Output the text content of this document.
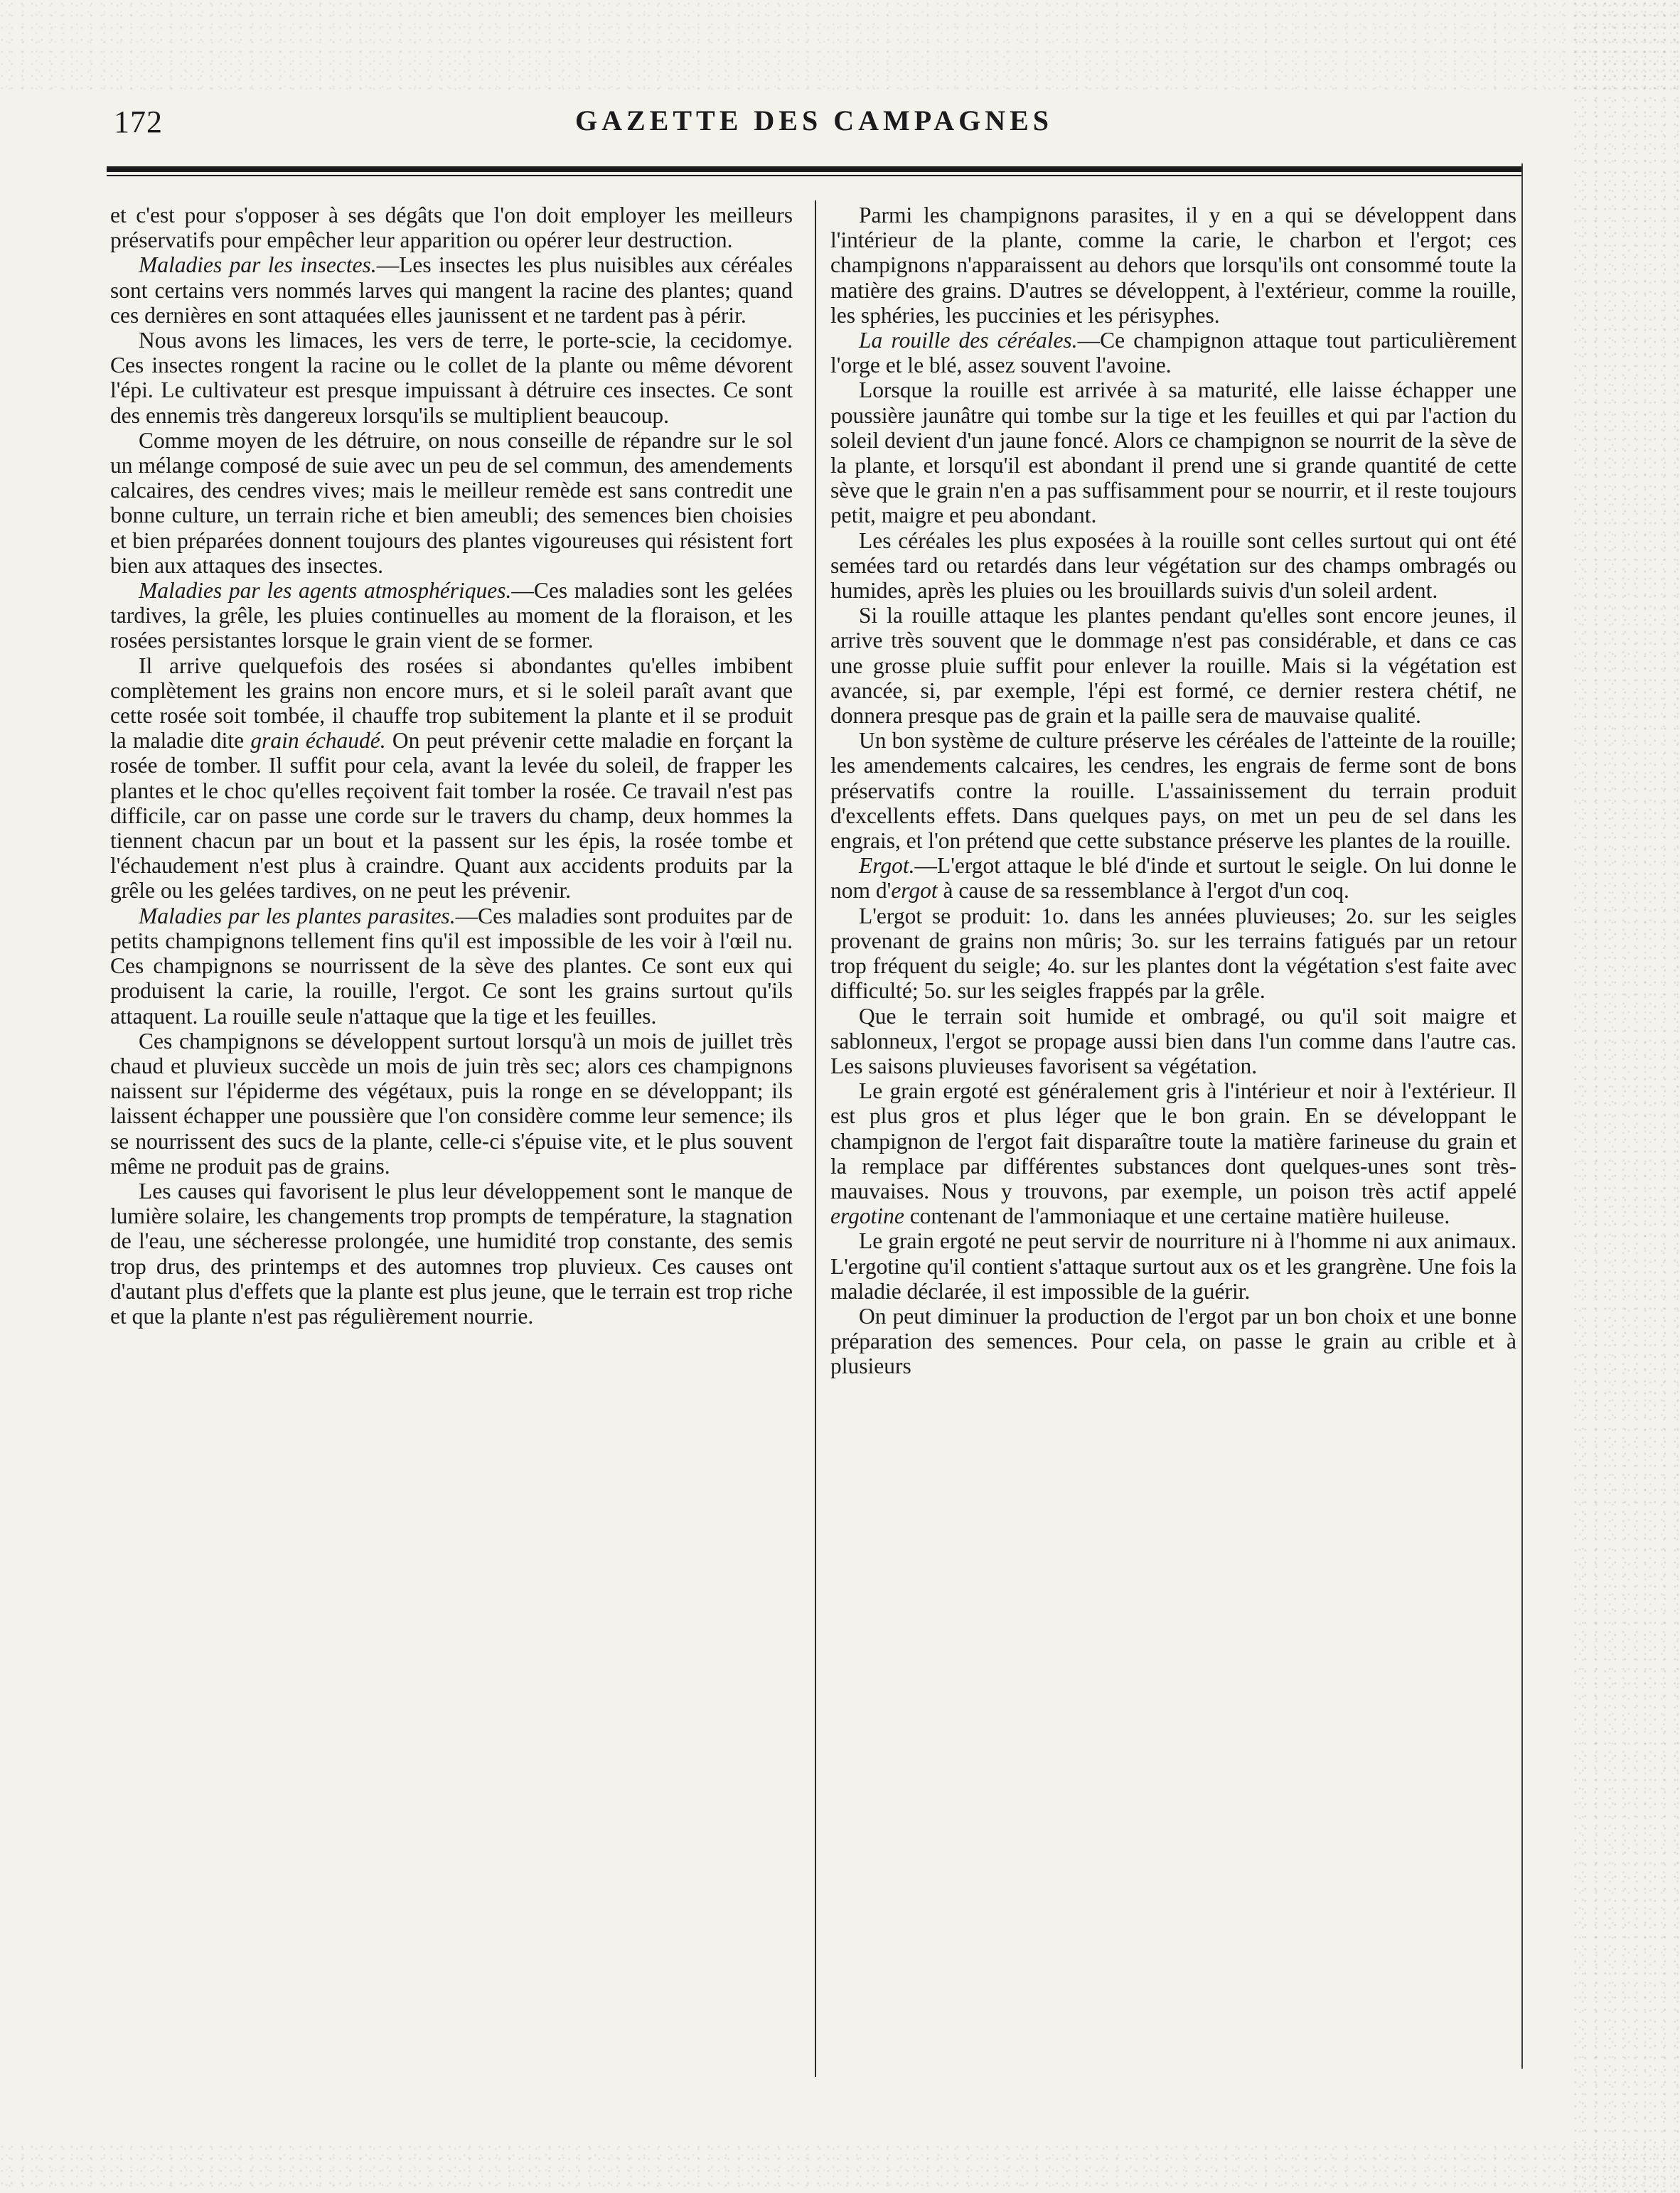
172	GAZETTE DES CAMPAGNES

et c'est pour s'opposer à ses dégâts que l'on doit employer les meilleurs préservatifs pour empêcher leur apparition ou opérer leur destruction.

Maladies par les insectes.—Les insectes les plus nuisibles aux céréales sont certains vers nommés larves qui mangent la racine des plantes; quand ces dernières en sont attaquées elles jaunissent et ne tardent pas à périr.

Nous avons les limaces, les vers de terre, le porte-scie, la cecidomye. Ces insectes rongent la racine ou le collet de la plante ou même dévorent l'épi. Le cultivateur est presque impuissant à détruire ces insectes. Ce sont des ennemis très dangereux lorsqu'ils se multiplient beaucoup.

Comme moyen de les détruire, on nous conseille de répandre sur le sol un mélange composé de suie avec un peu de sel commun, des amendements calcaires, des cendres vives; mais le meilleur remède est sans contredit une bonne culture, un terrain riche et bien ameubli; des semences bien choisies et bien préparées donnent toujours des plantes vigoureuses qui résistent fort bien aux attaques des insectes.

Maladies par les agents atmosphériques.—Ces maladies sont les gelées tardives, la grêle, les pluies continuelles au moment de la floraison, et les rosées persistantes lorsque le grain vient de se former.

Il arrive quelquefois des rosées si abondantes qu'elles imbibent complètement les grains non encore murs, et si le soleil paraît avant que cette rosée soit tombée, il chauffe trop subitement la plante et il se produit la maladie dite grain échaudé. On peut prévenir cette maladie en forçant la rosée de tomber. Il suffit pour cela, avant la levée du soleil, de frapper les plantes et le choc qu'elles reçoivent fait tomber la rosée. Ce travail n'est pas difficile, car on passe une corde sur le travers du champ, deux hommes la tiennent chacun par un bout et la passent sur les épis, la rosée tombe et l'échaudement n'est plus à craindre. Quant aux accidents produits par la grêle ou les gelées tardives, on ne peut les prévenir.

Maladies par les plantes parasites.—Ces maladies sont produites par de petits champignons tellement fins qu'il est impossible de les voir à l'œil nu. Ces champignons se nourrissent de la sève des plantes. Ce sont eux qui produisent la carie, la rouille, l'ergot. Ce sont les grains surtout qu'ils attaquent. La rouille seule n'attaque que la tige et les feuilles.

Ces champignons se développent surtout lorsqu'à un mois de juillet très chaud et pluvieux succède un mois de juin très sec; alors ces champignons naissent sur l'épiderme des végétaux, puis la ronge en se développant; ils laissent échapper une poussière que l'on considère comme leur semence; ils se nourrissent des sucs de la plante, celle-ci s'épuise vite, et le plus souvent même ne produit pas de grains.

Les causes qui favorisent le plus leur développement sont le manque de lumière solaire, les changements trop prompts de température, la stagnation de l'eau, une sécheresse prolongée, une humidité trop constante, des semis trop drus, des printemps et des automnes trop pluvieux. Ces causes ont d'autant plus d'effets que la plante est plus jeune, que le terrain est trop riche et que la plante n'est pas régulièrement nourrie.

Parmi les champignons parasites, il y en a qui se développent dans l'intérieur de la plante, comme la carie, le charbon et l'ergot; ces champignons n'apparaissent au dehors que lorsqu'ils ont consommé toute la matière des grains. D'autres se développent, à l'extérieur, comme la rouille, les sphéries, les puccinies et les périsyphes.

La rouille des céréales.—Ce champignon attaque tout particulièrement l'orge et le blé, assez souvent l'avoine.

Lorsque la rouille est arrivée à sa maturité, elle laisse échapper une poussière jaunâtre qui tombe sur la tige et les feuilles et qui par l'action du soleil devient d'un jaune foncé. Alors ce champignon se nourrit de la sève de la plante, et lorsqu'il est abondant il prend une si grande quantité de cette sève que le grain n'en a pas suffisamment pour se nourrir, et il reste toujours petit, maigre et peu abondant.

Les céréales les plus exposées à la rouille sont celles surtout qui ont été semées tard ou retardés dans leur végétation sur des champs ombragés ou humides, après les pluies ou les brouillards suivis d'un soleil ardent.

Si la rouille attaque les plantes pendant qu'elles sont encore jeunes, il arrive très souvent que le dommage n'est pas considérable, et dans ce cas une grosse pluie suffit pour enlever la rouille. Mais si la végétation est avancée, si, par exemple, l'épi est formé, ce dernier restera chétif, ne donnera presque pas de grain et la paille sera de mauvaise qualité.

Un bon système de culture préserve les céréales de l'atteinte de la rouille; les amendements calcaires, les cendres, les engrais de ferme sont de bons préservatifs contre la rouille. L'assainissement du terrain produit d'excellents effets. Dans quelques pays, on met un peu de sel dans les engrais, et l'on prétend que cette substance préserve les plantes de la rouille.

Ergot.—L'ergot attaque le blé d'inde et surtout le seigle. On lui donne le nom d'ergot à cause de sa ressemblance à l'ergot d'un coq.

L'ergot se produit: 1o. dans les années pluvieuses; 2o. sur les seigles provenant de grains non mûris; 3o. sur les terrains fatigués par un retour trop fréquent du seigle; 4o. sur les plantes dont la végétation s'est faite avec difficulté; 5o. sur les seigles frappés par la grêle.

Que le terrain soit humide et ombragé, ou qu'il soit maigre et sablonneux, l'ergot se propage aussi bien dans l'un comme dans l'autre cas. Les saisons pluvieuses favorisent sa végétation.

Le grain ergoté est généralement gris à l'intérieur et noir à l'extérieur. Il est plus gros et plus léger que le bon grain. En se développant le champignon de l'ergot fait disparaître toute la matière farineuse du grain et la remplace par différentes substances dont quelques-unes sont très-mauvaises. Nous y trouvons, par exemple, un poison très actif appelé ergotine contenant de l'ammoniaque et une certaine matière huileuse.

Le grain ergoté ne peut servir de nourriture ni à l'homme ni aux animaux. L'ergotine qu'il contient s'attaque surtout aux os et les grangrène. Une fois la maladie déclarée, il est impossible de la guérir.

On peut diminuer la production de l'ergot par un bon choix et une bonne préparation des semences. Pour cela, on passe le grain au crible et à plusieurs
